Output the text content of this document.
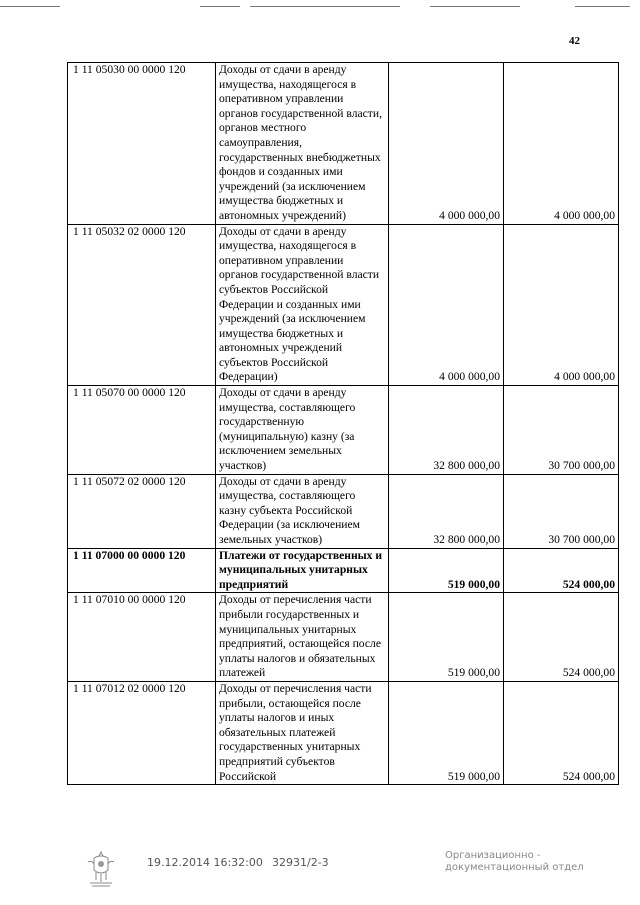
42
1 11 05030 00 0000 120	Доходы от сдачи в аренду имущества, находящегося в оперативном управлении органов государственной власти, органов местного самоуправления, государственных внебюджетных фондов и созданных ими учреждений (за исключением имущества бюджетных и автономных учреждений)	4 000 000,00	4 000 000,00
1 11 05032 02 0000 120	Доходы от сдачи в аренду имущества, находящегося в оперативном управлении органов государственной власти субъектов Российской Федерации и созданных ими учреждений (за исключением имущества бюджетных и автономных учреждений субъектов Российской Федерации)	4 000 000,00	4 000 000,00
1 11 05070 00 0000 120	Доходы от сдачи в аренду имущества, составляющего государственную (муниципальную) казну (за исключением земельных участков)	32 800 000,00	30 700 000,00
1 11 05072 02 0000 120	Доходы от сдачи в аренду имущества, составляющего казну субъекта Российской Федерации (за исключением земельных участков)	32 800 000,00	30 700 000,00
1 11 07000 00 0000 120	Платежи от государственных и муниципальных унитарных предприятий	519 000,00	524 000,00
1 11 07010 00 0000 120	Доходы от перечисления части прибыли государственных и муниципальных унитарных предприятий, остающейся после уплаты налогов и обязательных платежей	519 000,00	524 000,00
1 11 07012 02 0000 120	Доходы от перечисления части прибыли, остающейся после уплаты налогов и иных обязательных платежей государственных унитарных предприятий субъектов Российской	519 000,00	524 000,00
19.12.2014 16:32:00 32931/2-3
Организационно -
документационный отдел
